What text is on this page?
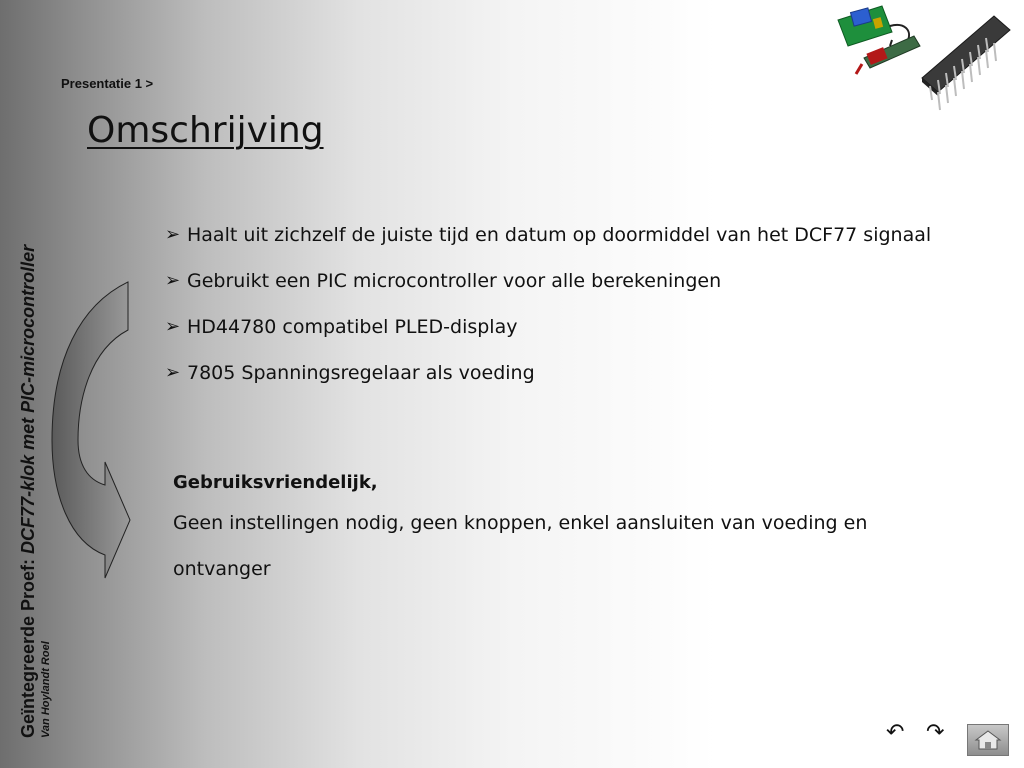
Geïntegreerde Proef: DCF77-klok met PIC-microcontroller
Van Hoylandt Roel
Presentatie 1 >
Omschrijving
➢ Haalt uit zichzelf de juiste tijd en datum op doormiddel van het DCF77 signaal
➢ Gebruikt een PIC microcontroller voor alle berekeningen
➢ HD44780 compatibel PLED-display
➢ 7805 Spanningsregelaar als voeding
Gebruiksvriendelijk,
Geen instellingen nodig, geen knoppen, enkel aansluiten van voeding en ontvanger
↶ ↷
